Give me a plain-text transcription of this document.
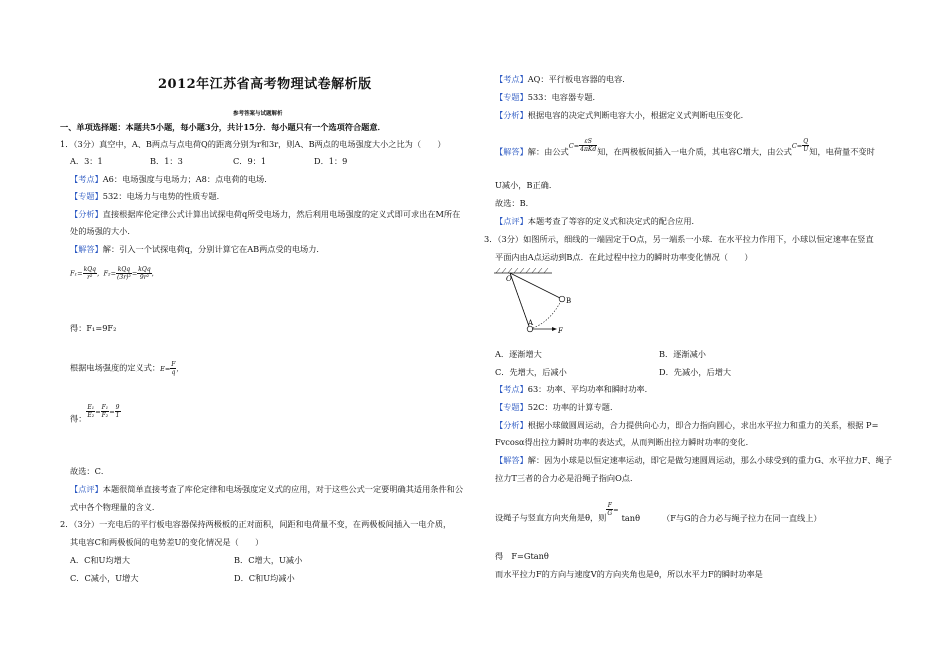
2012年江苏省高考物理试卷解析版
参考答案与试题解析
一、单项选择题：本题共5小题，每小题3分，共计15分．每小题只有一个选项符合题意．
1．（3分）真空中，A、B两点与点电荷Q的距离分别为r和3r，则A、B两点的电场强度大小之比为（　　）
A．3：1	B．1：3	C．9：1	D．1：9
【考点】A6：电场强度与电场力；A8：点电荷的电场．
【专题】532：电场力与电势的性质专题．
【分析】直接根据库伦定律公式计算出试探电荷q所受电场力，然后利用电场强度的定义式即可求出在M所在
处的场强的大小．
【解答】解：引入一个试探电荷q，分别计算它在AB两点受的电场力．
$F_1= \frac{\text{kQq}}{\text{r²}}$ ，$F_2= \frac{\text{kQq}}{\text{(3r)²}} = \frac{\text{kQq}}{\text{9r²}}$ ，
得：F₁=9F₂
根据电场强度的定义式：$E= \frac{F}{q}$ ，
得： $^{\frac{\text{E₁}}{\text{E₂}} = \frac{\text{F₁}}{\text{F₂}} = \frac{9}{1}}$
故选：C．
【点评】本题很简单直接考查了库伦定律和电场强度定义式的应用，对于这些公式一定要明确其适用条件和公
式中各个物理量的含义．
2．（3分）一充电后的平行板电容器保持两极板的正对面积，间距和电荷量不变，在两极板间插入一电介质，
其电容C和两极板间的电势差U的变化情况是（　　）
A．C和U均增大	B．C增大，U减小
C．C减小，U增大	D．C和U均减小
【考点】AQ：平行板电容器的电容．
【专题】533：电容器专题．
【分析】根据电容的决定式判断电容大小，根据定义式判断电压变化．
【解答】解：由公式$^{C= \frac{\varepsilon S}{\text{4πKd}}}$ 知，在两极板间插入一电介质，其电容C增大，由公式$^{C= \frac{Q}{U}}$ 知，电荷量不变时
U减小，B正确．
故选：B．
【点评】本题考查了等容的定义式和决定式的配合应用．
3．（3分）如图所示，细线的一端固定于O点，另一端系一小球．在水平拉力作用下，小球以恒定速率在竖直
平面内由A点运动到B点．在此过程中拉力的瞬时功率变化情况（　　）
O
B
A
F
A．逐渐增大	B．逐渐减小
C．先增大，后减小	D．先减小，后增大
【考点】63：功率、平均功率和瞬时功率．
【专题】52C：功率的计算专题．
【分析】根据小球做圆周运动，合力提供向心力，即合力指向圆心，求出水平拉力和重力的关系，根据 P=
Fvcosα得出拉力瞬时功率的表达式，从而判断出拉力瞬时功率的变化．
【解答】解：因为小球是以恒定速率运动，即它是做匀速圆周运动，那么小球受到的重力G、水平拉力F、绳子
拉力T三者的合力必是沿绳子指向O点．
设绳子与竖直方向夹角是θ，则
$^{\frac{F}{G} =}$tanθ	（F与G的合力必与绳子拉力在同一直线上）
得　F=Gtanθ
而水平拉力F的方向与速度V的方向夹角也是θ，所以水平力F的瞬时功率是
